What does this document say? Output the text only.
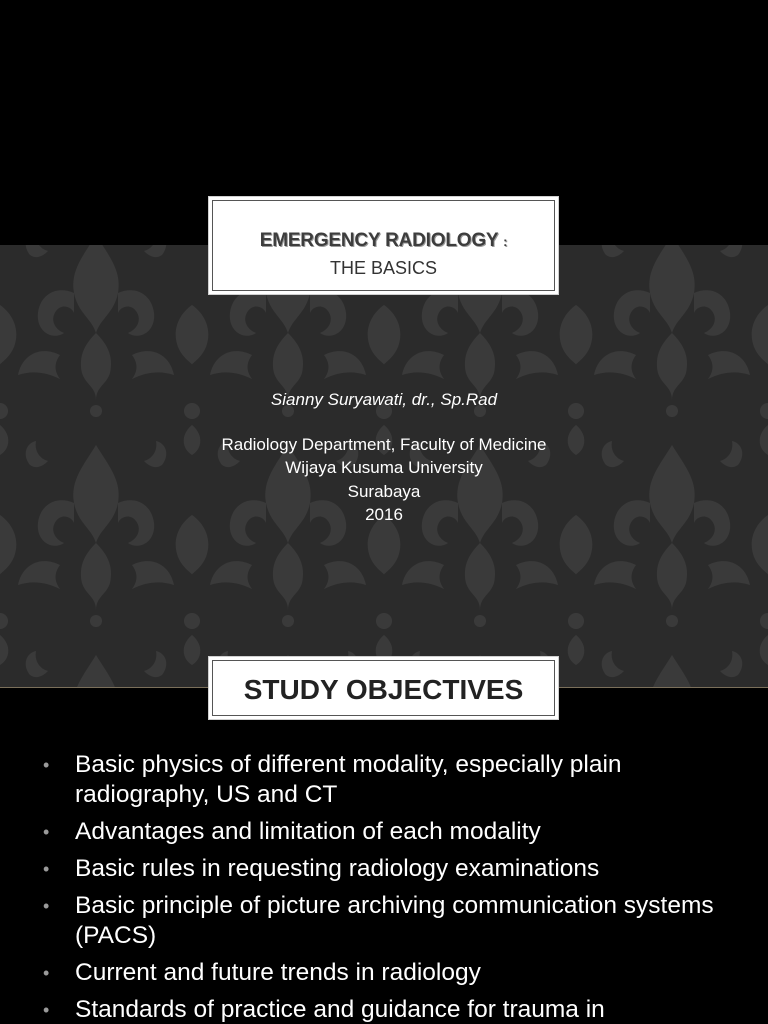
EMERGENCY RADIOLOGY :
THE BASICS
Sianny Suryawati, dr., Sp.Rad
Radiology Department, Faculty of Medicine
Wijaya Kusuma University
Surabaya
2016
STUDY OBJECTIVES
• Basic physics of different modality, especially plain radiography, US and CT
• Advantages and limitation of each modality
• Basic rules in requesting radiology examinations
• Basic principle of picture archiving communication systems (PACS)
• Current and future trends in radiology
• Standards of practice and guidance for trauma in
